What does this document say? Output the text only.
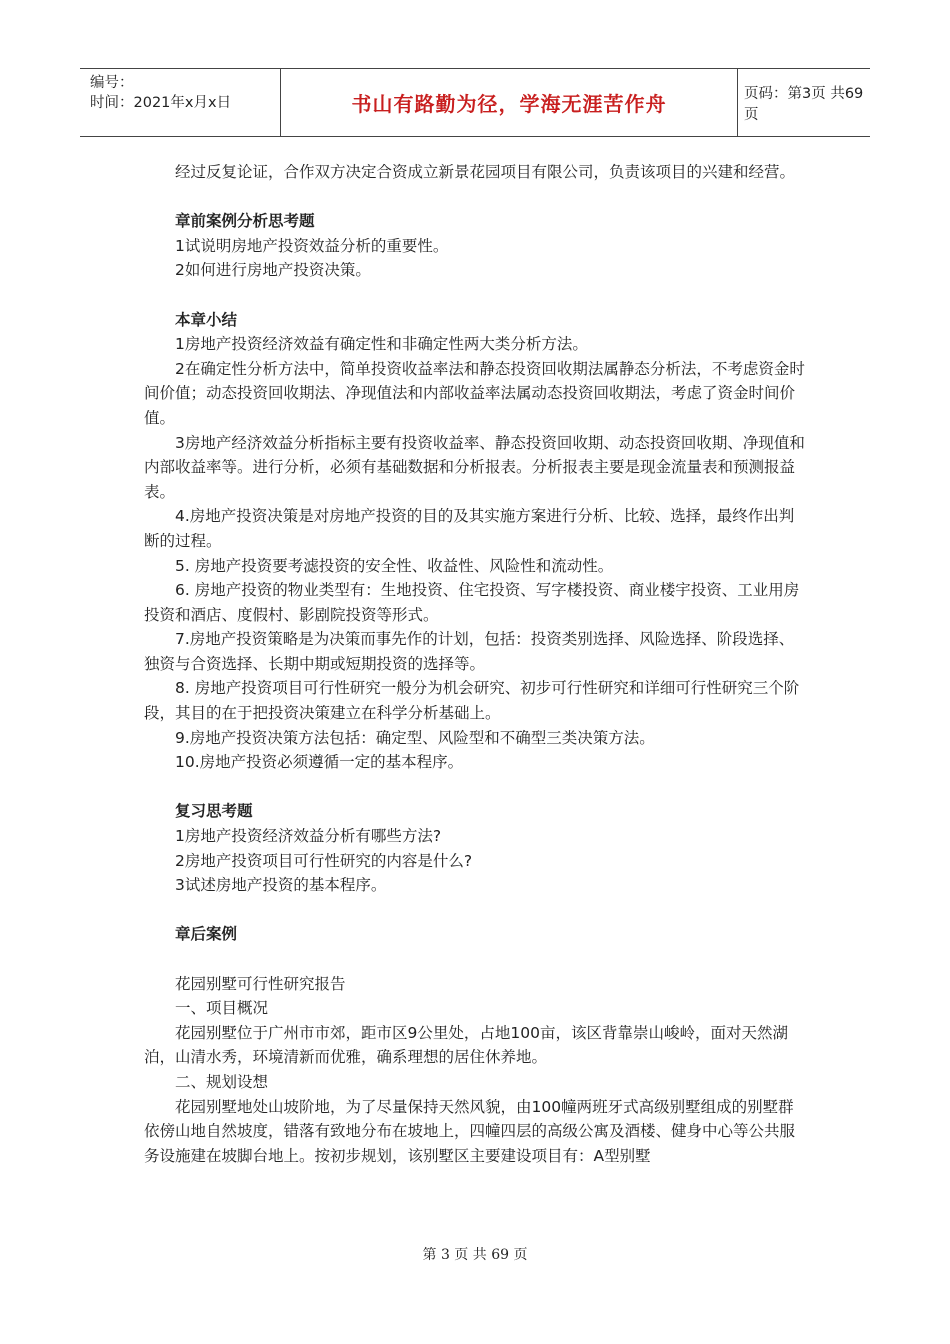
编号：
时间：2021年x月x日	书山有路勤为径，学海无涯苦作舟	页码：第3页 共69页

经过反复论证，合作双方决定合资成立新景花园项目有限公司，负责该项目的兴建和经营。

章前案例分析思考题

1试说明房地产投资效益分析的重要性。

2如何进行房地产投资决策。

本章小结

1房地产投资经济效益有确定性和非确定性两大类分析方法。

2在确定性分析方法中，简单投资收益率法和静态投资回收期法属静态分析法，不考虑资金时间价值；动态投资回收期法、净现值法和内部收益率法属动态投资回收期法，考虑了资金时间价值。

3房地产经济效益分析指标主要有投资收益率、静态投资回收期、动态投资回收期、净现值和内部收益率等。进行分析，必须有基础数据和分析报表。分析报表主要是现金流量表和预测报益表。

4.房地产投资决策是对房地产投资的目的及其实施方案进行分析、比较、选择，最终作出判断的过程。

5. 房地产投资要考滤投资的安全性、收益性、风险性和流动性。

6. 房地产投资的物业类型有：生地投资、住宅投资、写字楼投资、商业楼宇投资、工业用房投资和酒店、度假村、影剧院投资等形式。

7.房地产投资策略是为决策而事先作的计划，包括：投资类别选择、风险选择、阶段选择、独资与合资选择、长期中期或短期投资的选择等。

8. 房地产投资项目可行性研究一般分为机会研究、初步可行性研究和详细可行性研究三个阶段，其目的在于把投资决策建立在科学分析基础上。

9.房地产投资决策方法包括：确定型、风险型和不确型三类决策方法。

10.房地产投资必须遵循一定的基本程序。

复习思考题

1房地产投资经济效益分析有哪些方法?

2房地产投资项目可行性研究的内容是什么?

3试述房地产投资的基本程序。

章后案例

花园别墅可行性研究报告

一、项目概况

花园别墅位于广州市市郊，距市区9公里处，占地100亩，该区背靠崇山峻岭，面对天然湖泊，山清水秀，环境清新而优雅，确系理想的居住休养地。

二、规划设想

花园别墅地处山坡阶地，为了尽量保持天然风貌，由100幢两班牙式高级别墅组成的别墅群依傍山地自然坡度，错落有致地分布在坡地上，四幢四层的高级公寓及酒楼、健身中心等公共服务设施建在坡脚台地上。按初步规划，该别墅区主要建设项目有：A型别墅

第 3 页 共 69 页
